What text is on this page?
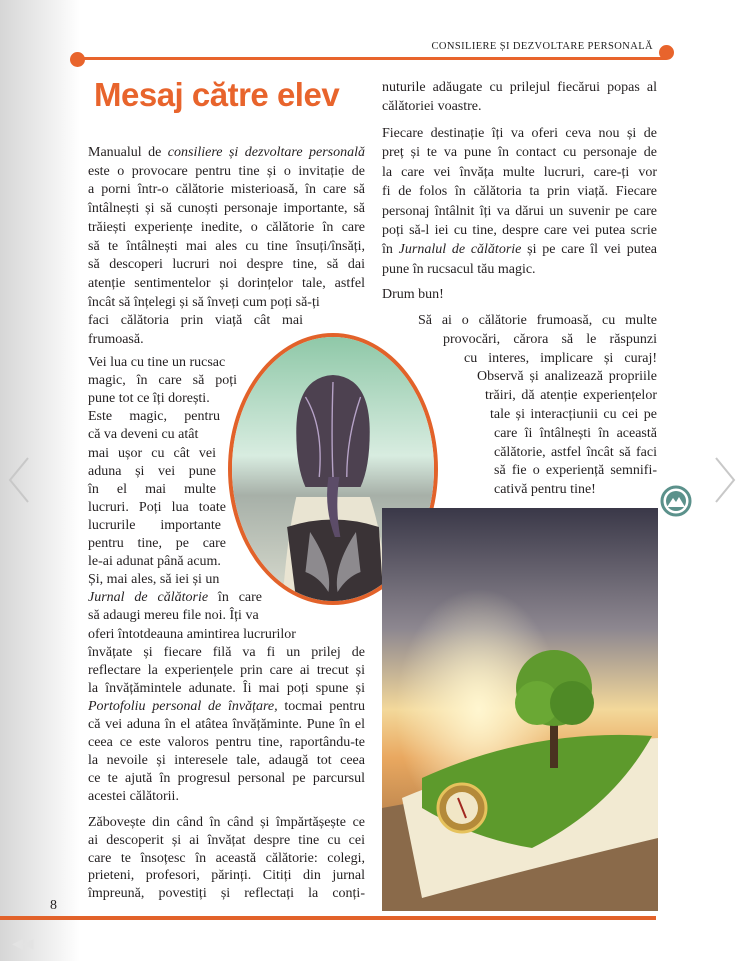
CONSILIERE ȘI DEZVOLTARE PERSONALĂ
Mesaj către elev
Manualul de consiliere și dezvoltare personală
este o provocare pentru tine și o invitație de
a porni într-o călătorie misterioasă, în care să
întâlnești și să cunoști personaje importante, să
trăiești experiențe inedite, o călătorie în care
să te întâlnești mai ales cu tine însuți/însăți,
să descoperi lucruri noi despre tine, să dai
atenție sentimentelor și dorințelor tale, astfel
încât să înțelegi și să înveți cum poți să-ți
faci călătoria prin viață cât mai
frumoasă.
Vei lua cu tine un rucsac
magic, în care să poți
pune tot ce îți dorești.
Este magic, pentru
că va deveni cu atât
mai ușor cu cât vei
aduna și vei pune
în el mai multe
lucruri. Poți lua toate
lucrurile importante
pentru tine, pe care
le-ai adunat până acum.
Și, mai ales, să iei și un
Jurnal de călătorie în care
să adaugi mereu file noi. Îți va
oferi întotdeauna amintirea lucrurilor
învățate și fiecare filă va fi un prilej de
reflectare la experiențele prin care ai trecut și
la învățămintele adunate. Îi mai poți spune și
Portofoliu personal de învățare, tocmai pentru
că vei aduna în el atâtea învățăminte. Pune în el
ceea ce este valoros pentru tine, raportându-te
la nevoile și interesele tale, adaugă tot ceea
ce te ajută în progresul personal pe parcursul
acestei călătorii.
Zăbovește din când în când și împărtășește ce
ai descoperit și ai învățat despre tine cu cei
care te însoțesc în această călătorie: colegi,
prieteni, profesori, părinți. Citiți din jurnal
împreună, povestiți și reflectați la conți-
nuturile adăugate cu prilejul fiecărui popas al
călătoriei voastre.
Fiecare destinație îți va oferi ceva nou și de
preț și te va pune în contact cu personaje de
la care vei învăța multe lucruri, care-ți vor
fi de folos în călătoria ta prin viață. Fiecare
personaj întâlnit îți va dărui un suvenir pe care
poți să-l iei cu tine, despre care vei putea scrie
în Jurnalul de călătorie și pe care îl vei putea
pune în rucsacul tău magic.
Drum bun!
Să ai o călătorie frumoasă, cu multe
provocări, cărora să le răspunzi
cu interes, implicare și curaj!
Observă și analizează propriile
trăiri, dă atenție experiențelor
tale și interacțiunii cu cei pe
care îi întâlnești în această
călătorie, astfel încât să faci
să fie o experiență semnifi-
cativă pentru tine!
8
◀◀
